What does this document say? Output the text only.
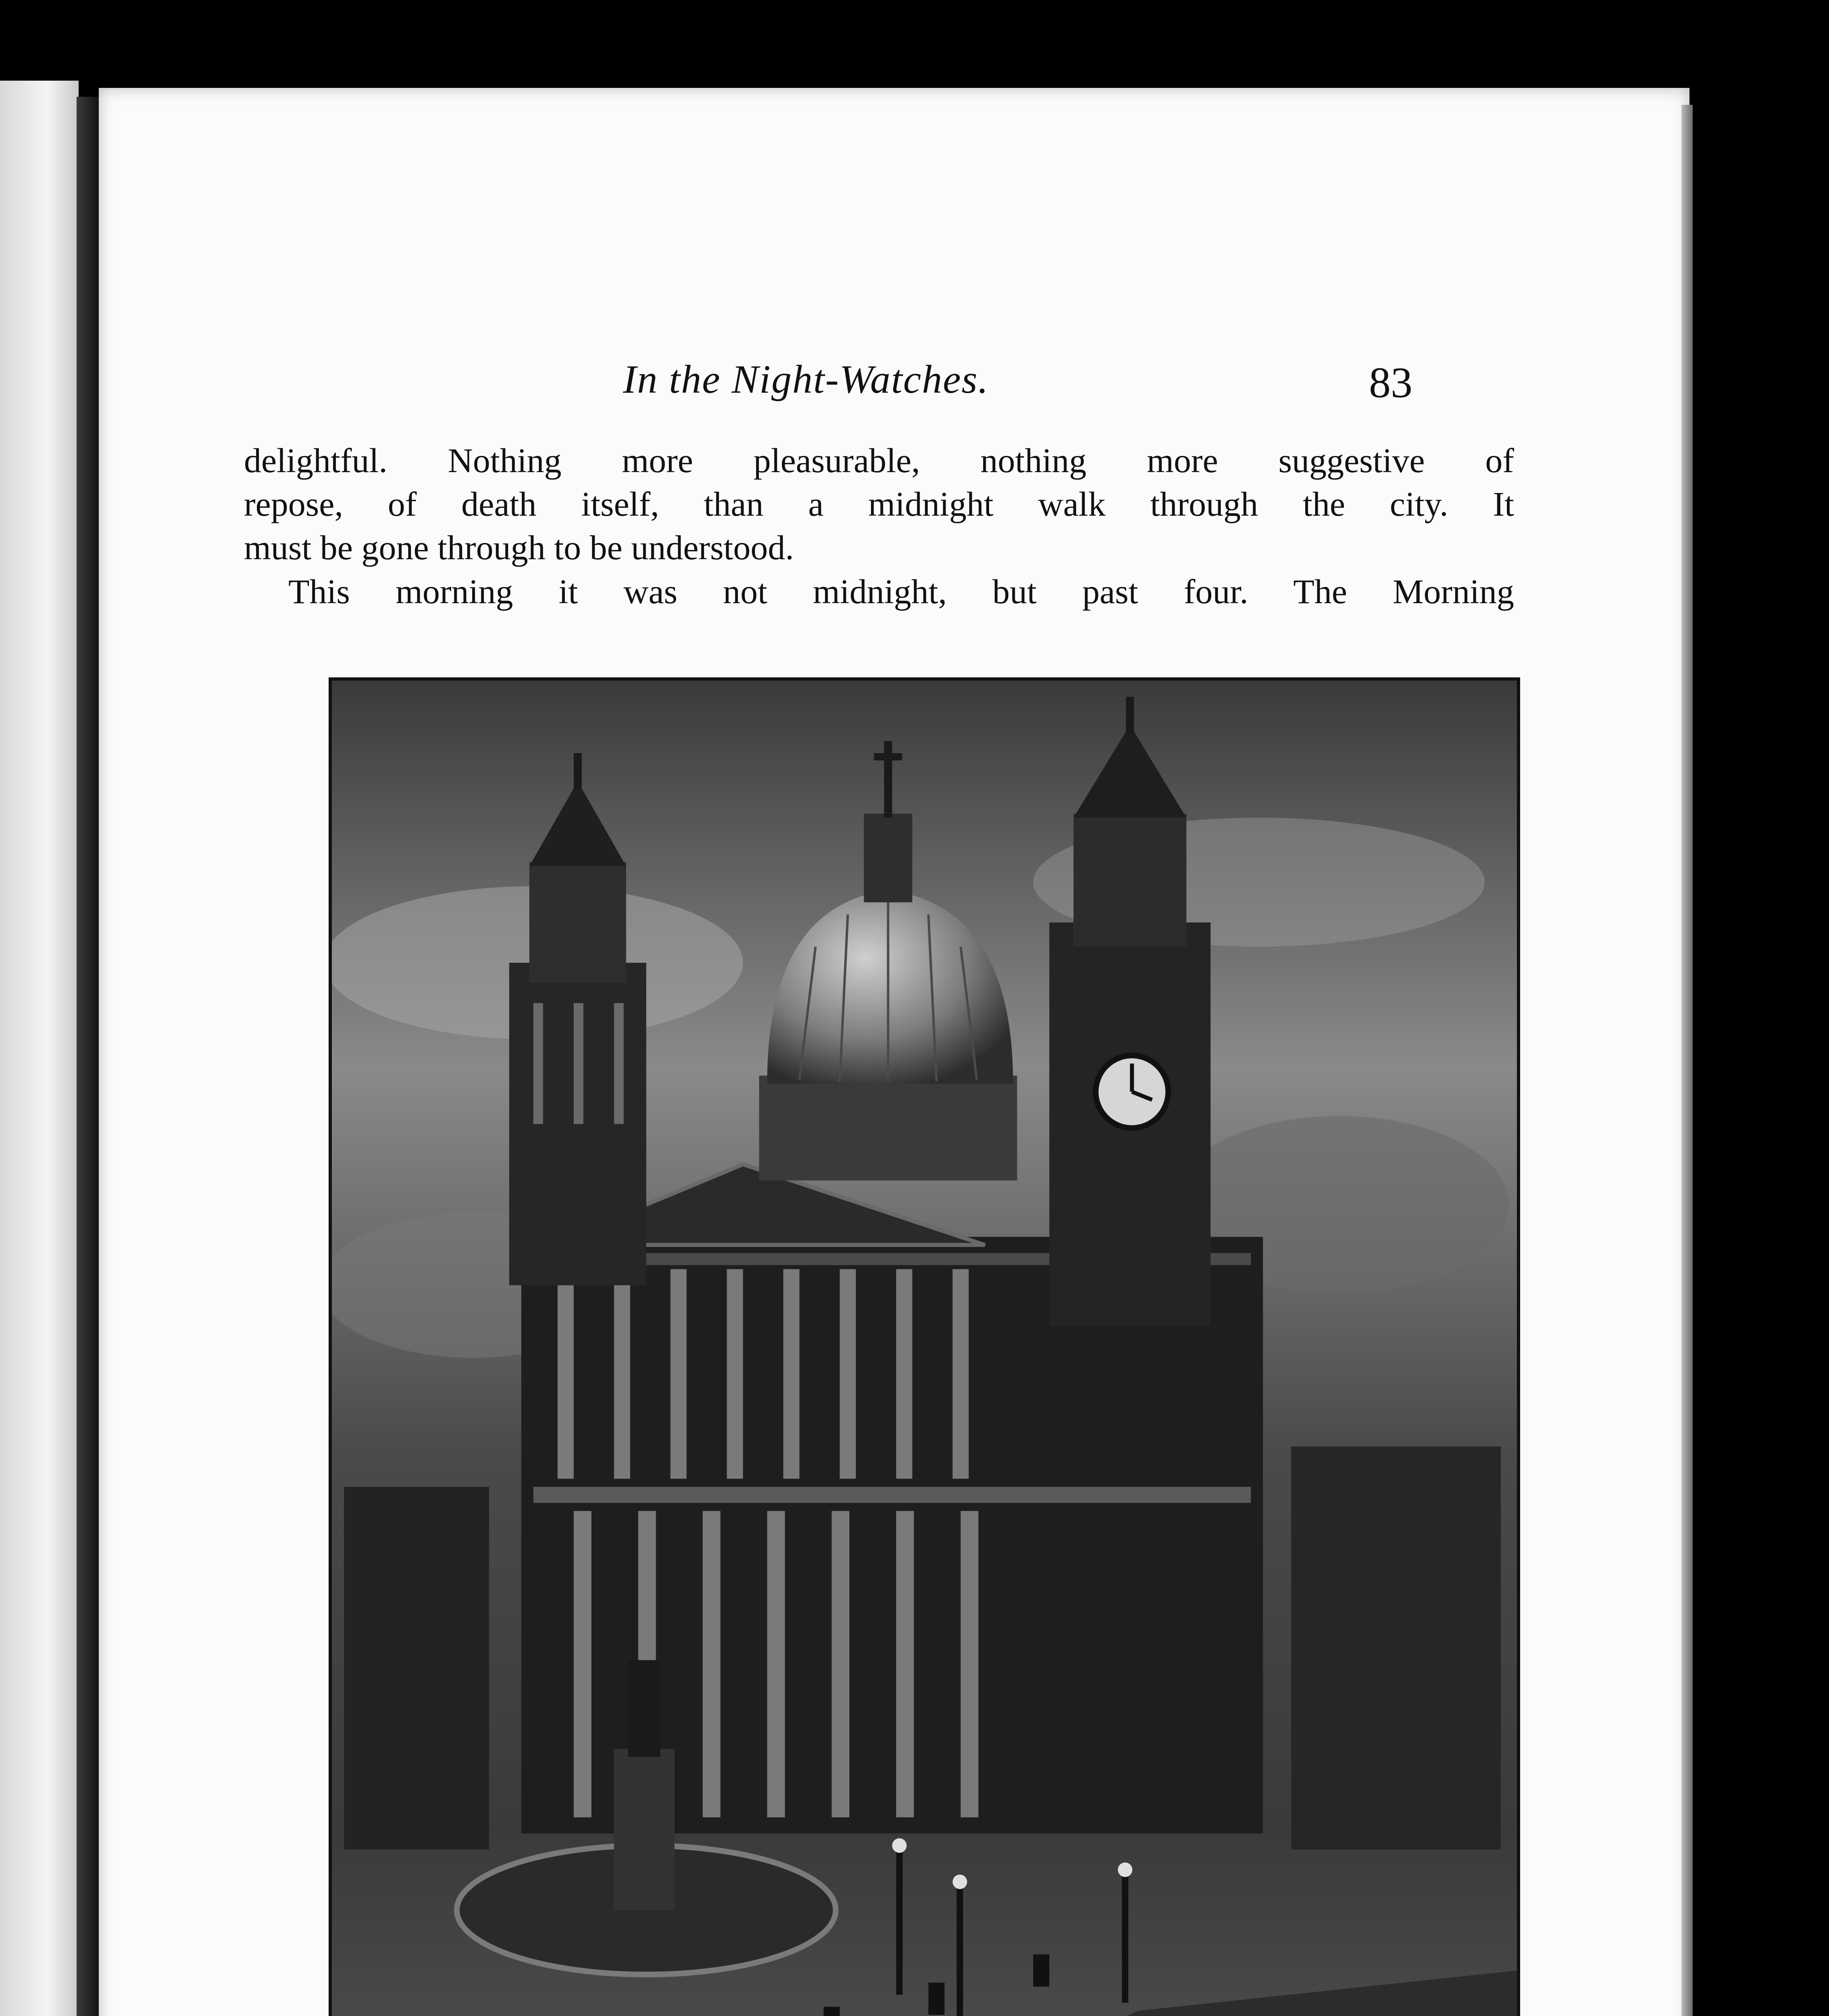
In the Night-Watches.	83
delightful. Nothing more pleasurable, nothing more suggestive of
repose, of death itself, than a midnight walk through the city. It
must be gone through to be understood.
This morning it was not midnight, but past four. The Morning
